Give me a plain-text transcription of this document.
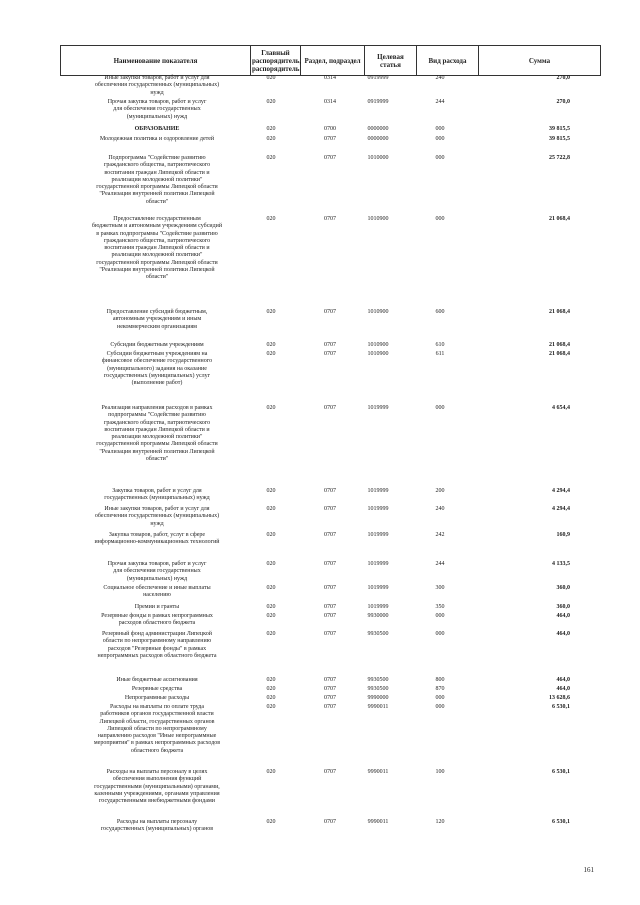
Наименование показателя	Главный распорядитель, распорядитель	Раздел, подраздел	Целевая статья	Вид расхода	Сумма
Иные закупки товаров, работ и услуг для
обеспечения государственных (муниципальных)
нужд
020	0314	0919999	240	270,0
Прочая закупка товаров, работ и услуг
для обеспечения государственных
(муниципальных) нужд
020	0314	0919999	244	270,0
ОБРАЗОВАНИЕ	020	0700	0000000	000	39 815,5
Молодежная политика и оздоровление детей	020	0707	0000000	000	39 815,5
Подпрограмма "Содействие развитию
гражданского общества, патриотического
воспитания граждан Липецкой области и
реализации молодежной политики"
государственной программы Липецкой области
"Реализация внутренней политики Липецкой
области"
020	0707	1010000	000	25 722,8
Предоставление государственным
бюджетным и автономным учреждениям субсидий
в рамках подпрограммы "Содействие развитию
гражданского общества, патриотического
воспитания граждан Липецкой области и
реализации молодежной политики"
государственной программы Липецкой области
"Реализация внутренней политики Липецкой
области"
020	0707	1010900	000	21 068,4
Предоставление субсидий бюджетным,
автономным учреждениям и иным
некоммерческим организациям
020	0707	1010900	600	21 068,4
Субсидии бюджетным учреждениям	020	0707	1010900	610	21 068,4
Субсидии бюджетным учреждениям на
финансовое обеспечение государственного
(муниципального) задания на оказание
государственных (муниципальных) услуг
(выполнение работ)
020	0707	1010900	611	21 068,4
Реализация направления расходов в рамках
подпрограммы "Содействие развитию
гражданского общества, патриотического
воспитания граждан Липецкой области и
реализации молодежной политики"
государственной программы Липецкой области
"Реализация внутренней политики Липецкой
области"
020	0707	1019999	000	4 654,4
Закупка товаров, работ и услуг для
государственных (муниципальных) нужд
020	0707	1019999	200	4 294,4
Иные закупки товаров, работ и услуг для
обеспечения государственных (муниципальных)
нужд
020	0707	1019999	240	4 294,4
Закупка товаров, работ, услуг в сфере
информационно-коммуникационных технологий
020	0707	1019999	242	160,9
Прочая закупка товаров, работ и услуг
для обеспечения государственных
(муниципальных) нужд
020	0707	1019999	244	4 133,5
Социальное обеспечение и иные выплаты
населению
020	0707	1019999	300	360,0
Премии и гранты	020	0707	1019999	350	360,0
Резервные фонды в рамках непрограммных
расходов областного бюджета
020	0707	9930000	000	464,0
Резервный фонд администрации Липецкой
области по непрограммному направлению
расходов "Резервные фонды" в рамках
непрограммных расходов областного бюджета
020	0707	9930500	000	464,0
Иные бюджетные ассигнования	020	0707	9930500	800	464,0
Резервные средства	020	0707	9930500	870	464,0
Непрограммные расходы	020	0707	9990000	000	13 628,6
Расходы на выплаты по оплате труда
работников органов государственной власти
Липецкой области, государственных органов
Липецкой области по непрограммному
направлению расходов "Иные непрограммные
мероприятия" в рамках непрограммных расходов
областного бюджета
020	0707	9990011	000	6 530,1
Расходы на выплаты персоналу в целях
обеспечения выполнения функций
государственными (муниципальными) органами,
казенными учреждениями, органами управления
государственными внебюджетными фондами
020	0707	9990011	100	6 530,1
Расходы на выплаты персоналу
государственных (муниципальных) органов
020	0707	9990011	120	6 530,1
161
